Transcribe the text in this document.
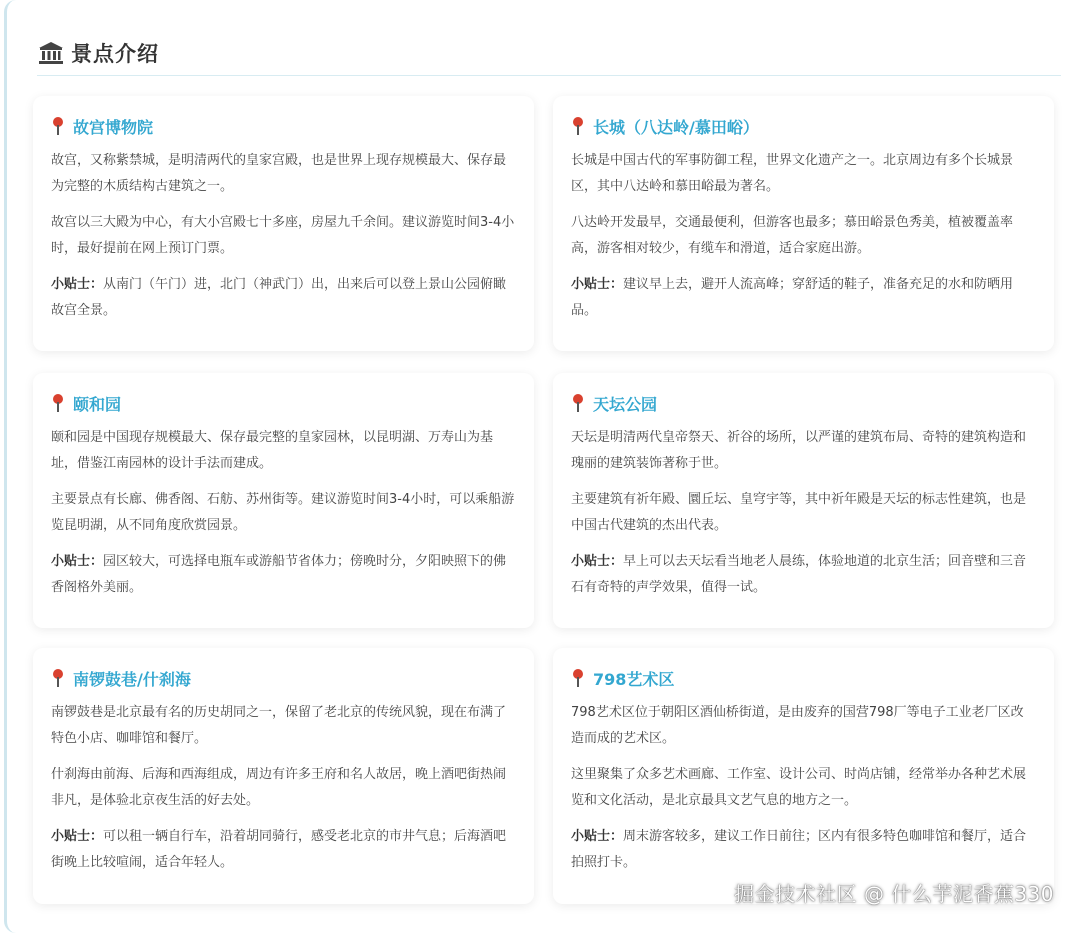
景点介绍
故宫博物院

故宫，又称紫禁城，是明清两代的皇家宫殿，也是世界上现存规模最大、保存最为完整的木质结构古建筑之一。

故宫以三大殿为中心，有大小宫殿七十多座，房屋九千余间。建议游览时间3-4小时，最好提前在网上预订门票。

小贴士：从南门（午门）进，北门（神武门）出，出来后可以登上景山公园俯瞰故宫全景。

长城（八达岭/慕田峪）

长城是中国古代的军事防御工程，世界文化遗产之一。北京周边有多个长城景区，其中八达岭和慕田峪最为著名。

八达岭开发最早，交通最便利，但游客也最多；慕田峪景色秀美，植被覆盖率高，游客相对较少，有缆车和滑道，适合家庭出游。

小贴士：建议早上去，避开人流高峰；穿舒适的鞋子，准备充足的水和防晒用品。

颐和园

颐和园是中国现存规模最大、保存最完整的皇家园林，以昆明湖、万寿山为基址，借鉴江南园林的设计手法而建成。

主要景点有长廊、佛香阁、石舫、苏州街等。建议游览时间3-4小时，可以乘船游览昆明湖，从不同角度欣赏园景。

小贴士：园区较大，可选择电瓶车或游船节省体力；傍晚时分，夕阳映照下的佛香阁格外美丽。

天坛公园

天坛是明清两代皇帝祭天、祈谷的场所，以严谨的建筑布局、奇特的建筑构造和瑰丽的建筑装饰著称于世。

主要建筑有祈年殿、圜丘坛、皇穹宇等，其中祈年殿是天坛的标志性建筑，也是中国古代建筑的杰出代表。

小贴士：早上可以去天坛看当地老人晨练，体验地道的北京生活；回音壁和三音石有奇特的声学效果，值得一试。

南锣鼓巷/什刹海

南锣鼓巷是北京最有名的历史胡同之一，保留了老北京的传统风貌，现在布满了特色小店、咖啡馆和餐厅。

什刹海由前海、后海和西海组成，周边有许多王府和名人故居，晚上酒吧街热闹非凡，是体验北京夜生活的好去处。

小贴士：可以租一辆自行车，沿着胡同骑行，感受老北京的市井气息；后海酒吧街晚上比较喧闹，适合年轻人。

798艺术区

798艺术区位于朝阳区酒仙桥街道，是由废弃的国营798厂等电子工业老厂区改造而成的艺术区。

这里聚集了众多艺术画廊、工作室、设计公司、时尚店铺，经常举办各种艺术展览和文化活动，是北京最具文艺气息的地方之一。

小贴士：周末游客较多，建议工作日前往；区内有很多特色咖啡馆和餐厅，适合拍照打卡。

掘金技术社区 @ 什么芋泥香蕉330
